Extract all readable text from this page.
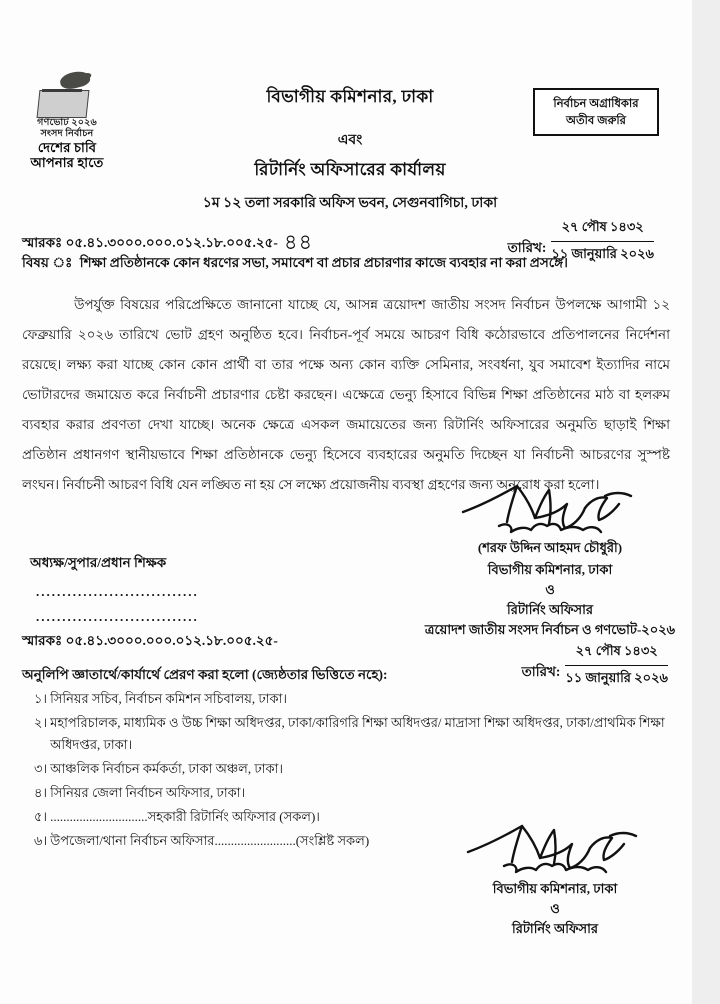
গণভোট ২০২৬
সংসদ নির্বাচন
দেশের চাবি
আপনার হাতে
বিভাগীয় কমিশনার, ঢাকা
এবং
রিটার্নিং অফিসারের কার্যালয়
১ম ১২ তলা সরকারি অফিস ভবন, সেগুনবাগিচা, ঢাকা
নির্বাচন অগ্রাধিকার
অতীব জরুরি
স্মারকঃ ০৫.৪১.৩০০০.০০০.০১২.১৮.০০৫.২৫- ৪৪	তারিখ:
২৭ পৌষ ১৪৩২
১১ জানুয়ারি ২০২৬
বিষয় ঃ শিক্ষা প্রতিষ্ঠানকে কোন ধরণের সভা, সমাবেশ বা প্রচার প্রচারণার কাজে ব্যবহার না করা প্রসঙ্গে।
উপর্যুক্ত বিষয়ের পরিপ্রেক্ষিতে জানানো যাচ্ছে যে, আসন্ন ত্রয়োদশ জাতীয় সংসদ নির্বাচন উপলক্ষে আগামী ১২ ফেব্রুয়ারি ২০২৬ তারিখে ভোট গ্রহণ অনুষ্ঠিত হবে। নির্বাচন-পূর্ব সময়ে আচরণ বিধি কঠোরভাবে প্রতিপালনের নির্দেশনা রয়েছে। লক্ষ্য করা যাচ্ছে কোন কোন প্রার্থী বা তার পক্ষে অন্য কোন ব্যক্তি সেমিনার, সংবর্ধনা, যুব সমাবেশ ইত্যাদির নামে ভোটারদের জমায়েত করে নির্বাচনী প্রচারণার চেষ্টা করছেন। এক্ষেত্রে ভেন্যু হিসাবে বিভিন্ন শিক্ষা প্রতিষ্ঠানের মাঠ বা হলরুম ব্যবহার করার প্রবণতা দেখা যাচ্ছে। অনেক ক্ষেত্রে এসকল জমায়েতের জন্য রিটার্নিং অফিসারের অনুমতি ছাড়াই শিক্ষা প্রতিষ্ঠান প্রধানগণ স্থানীয়ভাবে শিক্ষা প্রতিষ্ঠানকে ভেন্যু হিসেবে ব্যবহারের অনুমতি দিচ্ছেন যা নির্বাচনী আচরণের সুস্পষ্ট লংঘন। নির্বাচনী আচরণ বিধি যেন লঙ্ঘিত না হয় সে লক্ষ্যে প্রয়োজনীয় ব্যবস্থা গ্রহণের জন্য অনুরোধ করা হলো।
(শরফ উদ্দিন আহমদ চৌধুরী)
বিভাগীয় কমিশনার, ঢাকা
ও
রিটার্নিং অফিসার
ত্রয়োদশ জাতীয় সংসদ নির্বাচন ও গণভোট-২০২৬
তারিখ:
২৭ পৌষ ১৪৩২
১১ জানুয়ারি ২০২৬
অধ্যক্ষ/সুপার/প্রধান শিক্ষক
...............................
...............................
স্মারকঃ ০৫.৪১.৩০০০.০০০.০১২.১৮.০০৫.২৫-
অনুলিপি জ্ঞাতার্থে/কার্যার্থে প্রেরণ করা হলো (জ্যেষ্ঠতার ভিত্তিতে নহে):
১। সিনিয়র সচিব, নির্বাচন কমিশন সচিবালয়, ঢাকা।
২। মহাপরিচালক, মাধ্যমিক ও উচ্চ শিক্ষা অধিদপ্তর, ঢাকা/কারিগরি শিক্ষা অধিদপ্তর/ মাদ্রাসা শিক্ষা অধিদপ্তর, ঢাকা/প্রাথমিক শিক্ষা অধিদপ্তর, ঢাকা।
৩। আঞ্চলিক নির্বাচন কর্মকর্তা, ঢাকা অঞ্চল, ঢাকা।
৪। সিনিয়র জেলা নির্বাচন অফিসার, ঢাকা।
৫। ..............................সহকারী রিটার্নিং অফিসার (সকল)।
৬। উপজেলা/থানা নির্বাচন অফিসার.........................(সংশ্লিষ্ট সকল)
বিভাগীয় কমিশনার, ঢাকা
ও
রিটার্নিং অফিসার
